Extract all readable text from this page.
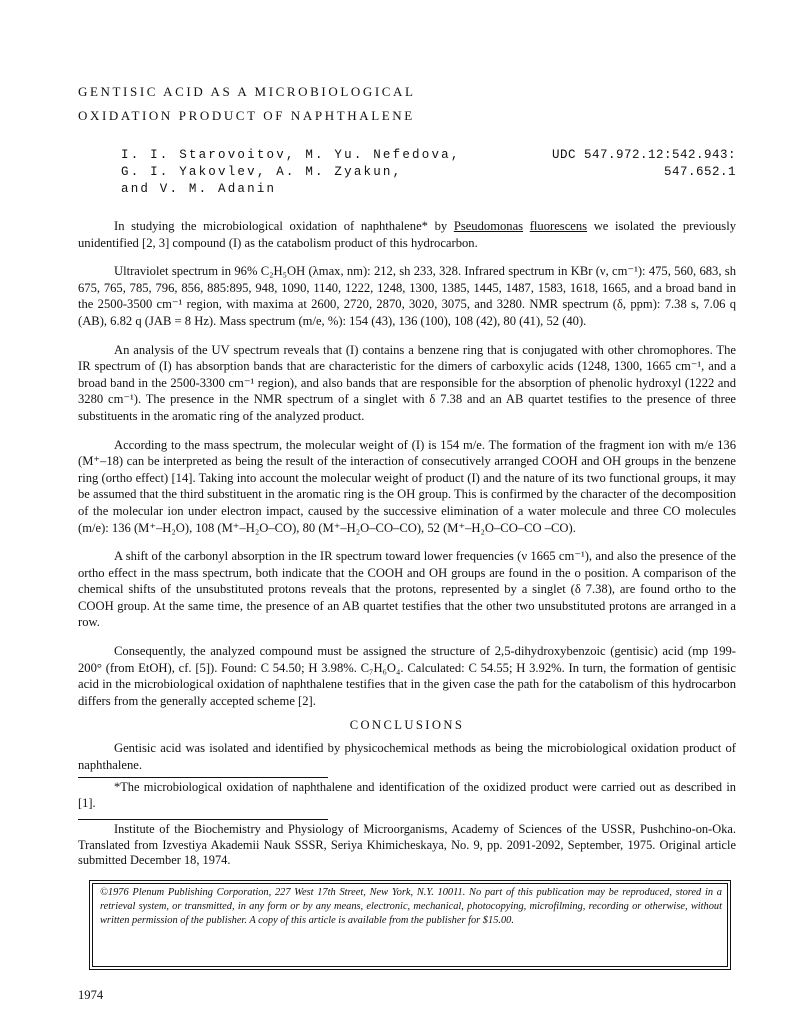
GENTISIC ACID AS A MICROBIOLOGICAL
OXIDATION PRODUCT OF NAPHTHALENE
I. I. Starovoitov, M. Yu. Nefedova,
G. I. Yakovlev, A. M. Zyakun,
and V. M. Adanin
UDC 547.972.12:542.943:
547.652.1

In studying the microbiological oxidation of naphthalene* by Pseudomonas fluorescens we isolated the previously unidentified [2, 3] compound (I) as the catabolism product of this hydrocarbon.

Ultraviolet spectrum in 96% C₂H₅OH (λmax, nm): 212, sh 233, 328. Infrared spectrum in KBr (ν, cm⁻¹): 475, 560, 683, sh 675, 765, 785, 796, 856, 885:895, 948, 1090, 1140, 1222, 1248, 1300, 1385, 1445, 1487, 1583, 1618, 1665, and a broad band in the 2500-3500 cm⁻¹ region, with maxima at 2600, 2720, 2870, 3020, 3075, and 3280. NMR spectrum (δ, ppm): 7.38 s, 7.06 q (AB), 6.82 q (JAB = 8 Hz). Mass spectrum (m/e, %): 154 (43), 136 (100), 108 (42), 80 (41), 52 (40).

An analysis of the UV spectrum reveals that (I) contains a benzene ring that is conjugated with other chromophores. The IR spectrum of (I) has absorption bands that are characteristic for the dimers of carboxylic acids (1248, 1300, 1665 cm⁻¹, and a broad band in the 2500-3300 cm⁻¹ region), and also bands that are responsible for the absorption of phenolic hydroxyl (1222 and 3280 cm⁻¹). The presence in the NMR spectrum of a singlet with δ 7.38 and an AB quartet testifies to the presence of three substituents in the aromatic ring of the analyzed product.

According to the mass spectrum, the molecular weight of (I) is 154 m/e. The formation of the fragment ion with m/e 136 (M⁺–18) can be interpreted as being the result of the interaction of consecutively arranged COOH and OH groups in the benzene ring (ortho effect) [14]. Taking into account the molecular weight of product (I) and the nature of its two functional groups, it may be assumed that the third substituent in the aromatic ring is the OH group. This is confirmed by the character of the decomposition of the molecular ion under electron impact, caused by the successive elimination of a water molecule and three CO molecules (m/e): 136 (M⁺–H₂O), 108 (M⁺–H₂O–CO), 80 (M⁺–H₂O–CO–CO), 52 (M⁺–H₂O–CO–CO –CO).

A shift of the carbonyl absorption in the IR spectrum toward lower frequencies (ν 1665 cm⁻¹), and also the presence of the ortho effect in the mass spectrum, both indicate that the COOH and OH groups are found in the o position. A comparison of the chemical shifts of the unsubstituted protons reveals that the protons, represented by a singlet (δ 7.38), are found ortho to the COOH group. At the same time, the presence of an AB quartet testifies that the other two unsubstituted protons are arranged in a row.

Consequently, the analyzed compound must be assigned the structure of 2,5-dihydroxybenzoic (gentisic) acid (mp 199-200° (from EtOH), cf. [5]). Found: C 54.50; H 3.98%. C₇H₆O₄. Calculated: C 54.55; H 3.92%. In turn, the formation of gentisic acid in the microbiological oxidation of naphthalene testifies that in the given case the path for the catabolism of this hydrocarbon differs from the generally accepted scheme [2].

CONCLUSIONS

Gentisic acid was isolated and identified by physicochemical methods as being the microbiological oxidation product of naphthalene.

*The microbiological oxidation of naphthalene and identification of the oxidized product were carried out as described in [1].

Institute of the Biochemistry and Physiology of Microorganisms, Academy of Sciences of the USSR, Pushchino-on-Oka. Translated from Izvestiya Akademii Nauk SSSR, Seriya Khimicheskaya, No. 9, pp. 2091-2092, September, 1975. Original article submitted December 18, 1974.

©1976 Plenum Publishing Corporation, 227 West 17th Street, New York, N.Y. 10011. No part of this publication may be reproduced, stored in a retrieval system, or transmitted, in any form or by any means, electronic, mechanical, photocopying, microfilming, recording or otherwise, without written permission of the publisher. A copy of this article is available from the publisher for $15.00.
1974
